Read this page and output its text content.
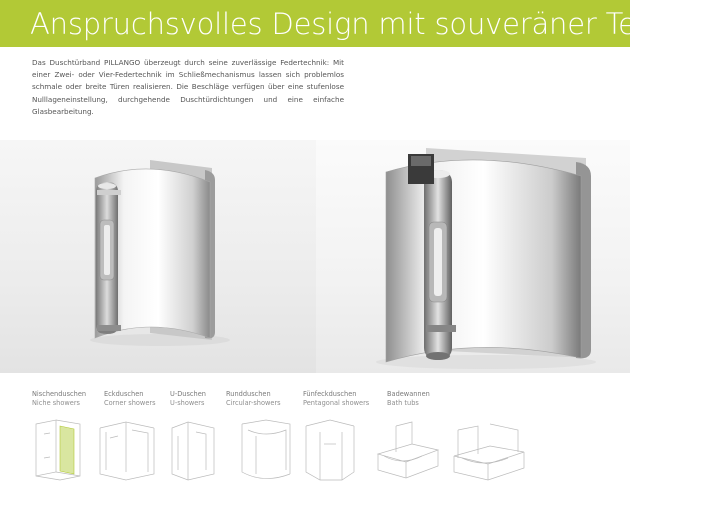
Anspruchsvolles Design mit souveräner Technik
Das Duschtürband PILLANGO überzeugt durch seine zuverlässige Federtechnik: Mit einer Zwei- oder Vier-Federtechnik im Schließmechanismus lassen sich problemlos schmale oder breite Türen realisieren. Die Beschläge verfügen über eine stufenlose Nulllageneinstellung, durchgehende Duschtürdichtungen und eine einfache Glasbearbeitung.
Nischenduschen
Niche showers
Eckduschen
Corner showers
U-Duschen
U-showers
Rundduschen
Circular-showers
Fünfeckduschen
Pentagonal showers
Badewannen
Bath tubs
